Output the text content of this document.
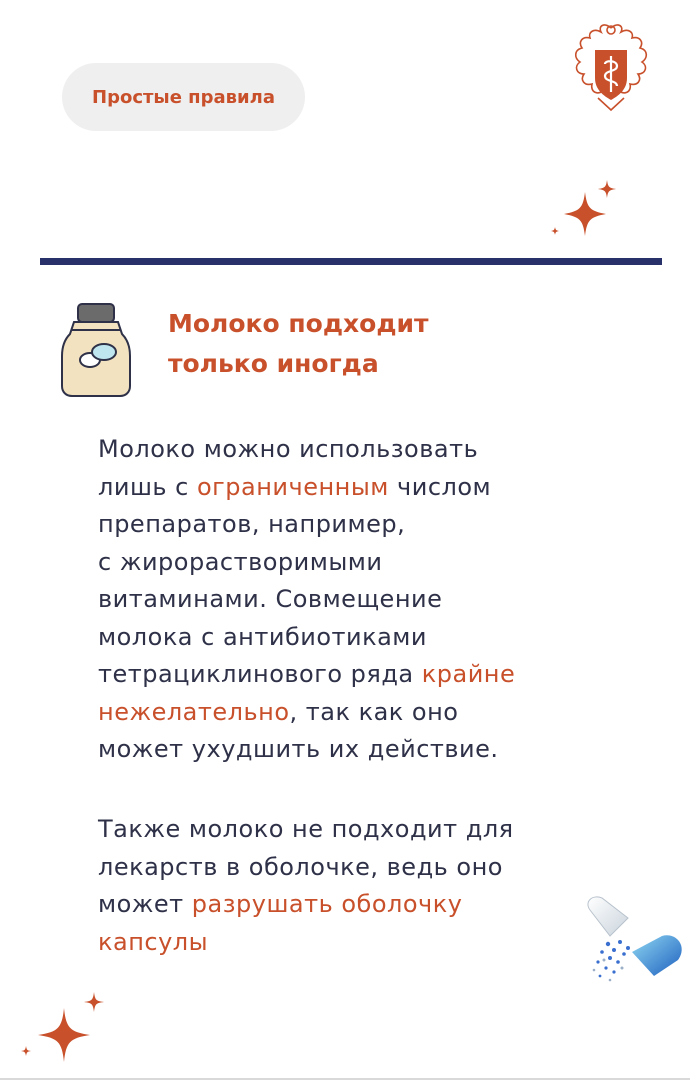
Простые правила
Молоко подходит
только иногда
Молоко можно использовать
лишь с ограниченным числом
препаратов, например,
с жирорастворимыми
витаминами. Совмещение
молока с антибиотиками
тетрациклинового ряда крайне
нежелательно, так как оно
может ухудшить их действие.
Также молоко не подходит для
лекарств в оболочке, ведь оно
может разрушать оболочку
капсулы
